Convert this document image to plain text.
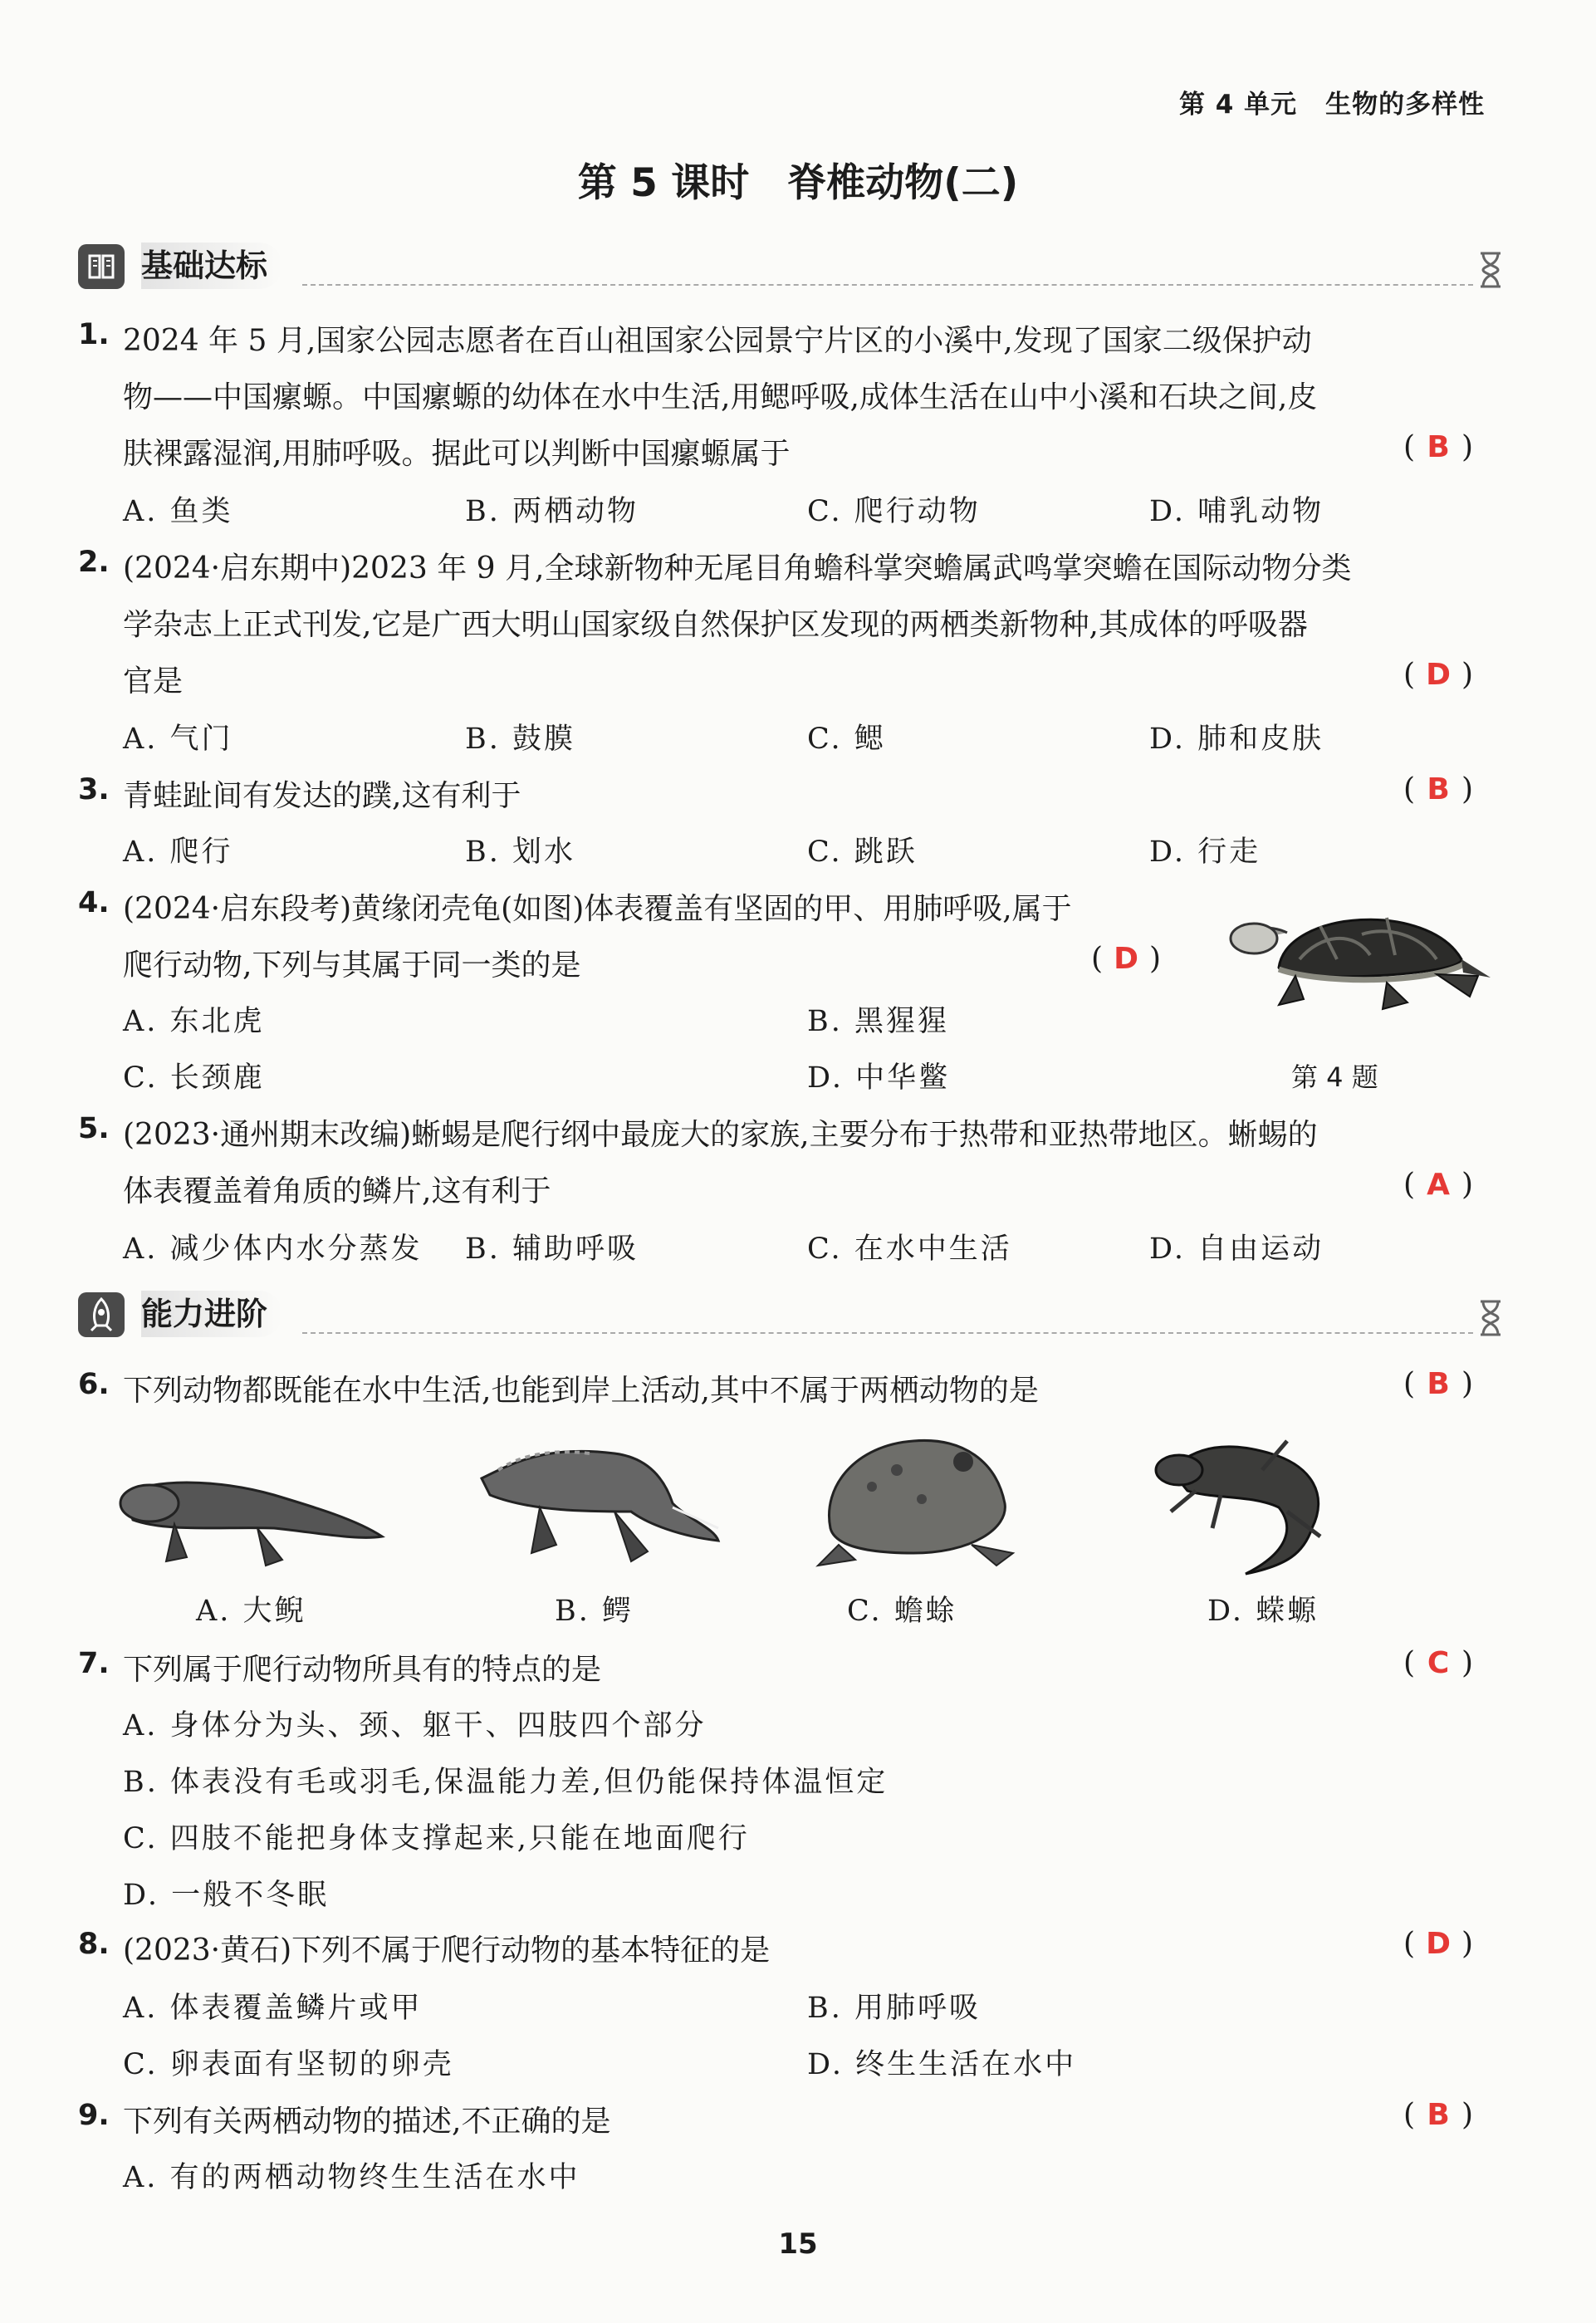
第 4 单元 生物的多样性
第 5 课时 脊椎动物(二)
基础达标
1. 2024 年 5 月,国家公园志愿者在百山祖国家公园景宁片区的小溪中,发现了国家二级保护动
物——中国瘰螈。中国瘰螈的幼体在水中生活,用鳃呼吸,成体生活在山中小溪和石块之间,皮
肤裸露湿润,用肺呼吸。据此可以判断中国瘰螈属于	( B )
A. 鱼类	B. 两栖动物	C. 爬行动物	D. 哺乳动物
2. (2024·启东期中)2023 年 9 月,全球新物种无尾目角蟾科掌突蟾属武鸣掌突蟾在国际动物分类
学杂志上正式刊发,它是广西大明山国家级自然保护区发现的两栖类新物种,其成体的呼吸器
官是	( D )
A. 气门	B. 鼓膜	C. 鳃	D. 肺和皮肤
3. 青蛙趾间有发达的蹼,这有利于	( B )
A. 爬行	B. 划水	C. 跳跃	D. 行走
4. (2024·启东段考)黄缘闭壳龟(如图)体表覆盖有坚固的甲、用肺呼吸,属于
爬行动物,下列与其属于同一类的是	( D )
A. 东北虎	B. 黑猩猩
C. 长颈鹿	D. 中华鳖	第 4 题
5. (2023·通州期末改编)蜥蜴是爬行纲中最庞大的家族,主要分布于热带和亚热带地区。蜥蜴的
体表覆盖着角质的鳞片,这有利于	( A )
A. 减少体内水分蒸发 B. 辅助呼吸	C. 在水中生活	D. 自由运动
能力进阶
6. 下列动物都既能在水中生活,也能到岸上活动,其中不属于两栖动物的是	( B )
A. 大鲵	B. 鳄	C. 蟾蜍	D. 蝾螈
7. 下列属于爬行动物所具有的特点的是	( C )
A. 身体分为头、颈、躯干、四肢四个部分
B. 体表没有毛或羽毛,保温能力差,但仍能保持体温恒定
C. 四肢不能把身体支撑起来,只能在地面爬行
D. 一般不冬眠
8. (2023·黄石)下列不属于爬行动物的基本特征的是	( D )
A. 体表覆盖鳞片或甲	B. 用肺呼吸
C. 卵表面有坚韧的卵壳	D. 终生生活在水中
9. 下列有关两栖动物的描述,不正确的是	( B )
A. 有的两栖动物终生生活在水中
15
